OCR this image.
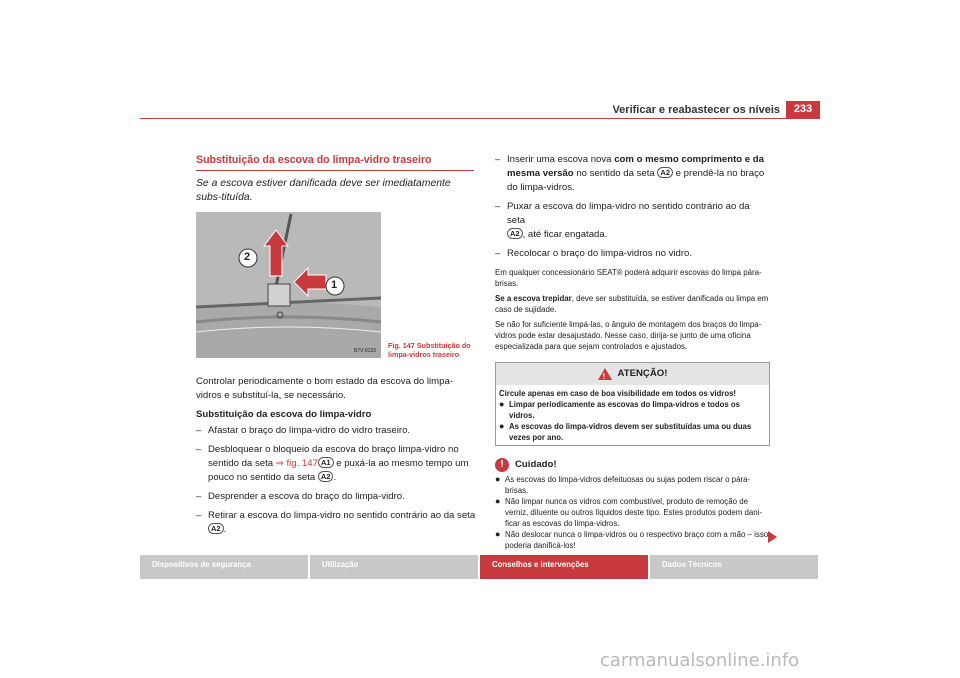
Verificar e reabastecer os níveis	233
Substituição da escova do limpa-vidro traseiro
Se a escova estiver danificada deve ser imediatamente subs-tituída.
2
1
B7V-0133
Fig. 147 Substituição do limpa-vidros traseiro
Controlar periodicamente o bom estado da escova do limpa-vidros e substituí-la, se necessário.
Substituição da escova do limpa-vidro
– Afastar o braço do limpa-vidro do vidro traseiro.
– Desbloquear o bloqueio da escova do braço limpa-vidro no sentido da seta ⇒ fig. 147 A1 e puxá-la ao mesmo tempo um pouco no sentido da seta A2 .
– Desprender a escova do braço do limpa-vidro.
– Retirar a escova do limpa-vidro no sentido contrário ao da seta
A2 .
– Inserir uma escova nova com o mesmo comprimento e da mesma versão no sentido da seta A2 e prendê-la no braço do limpa-vidros.
– Puxar a escova do limpa-vidro no sentido contrário ao da seta
A2 , até ficar engatada.
– Recolocar o braço do limpa-vidros no vidro.
Em qualquer concessionário SEAT® poderá adquirir escovas do limpa pára-brisas.
Se a escova trepidar, deve ser substituída, se estiver danificada ou limpa em caso de sujidade.
Se não for suficiente limpá-las, o ângulo de montagem dos braços do limpa-vidros pode estar desajustado. Nesse caso, dirija-se junto de uma oficina especializada para que sejam controlados e ajustados.
! ATENÇÃO!
Circule apenas em caso de boa visibilidade em todos os vidros!
● Limpar periodicamente as escovas do limpa-vidros e todos os vidros.
● As escovas do limpa-vidros devem ser substituídas uma ou duas vezes por ano.
!	Cuidado!
● As escovas do limpa-vidros defeituosas ou sujas podem riscar o pára-brisas.
● Não limpar nunca os vidros com combustível, produto de remoção de verniz, diluente ou outros líquidos deste tipo. Estes produtos podem dani-ficar as escovas do limpa-vidros.
● Não deslocar nunca o limpa-vidros ou o respectivo braço com a mão – isso poderia danificá-los!
Dispositivos de segurança	Utilização	Conselhos e intervenções	Dados Técnicos
carmanualsonline.info
